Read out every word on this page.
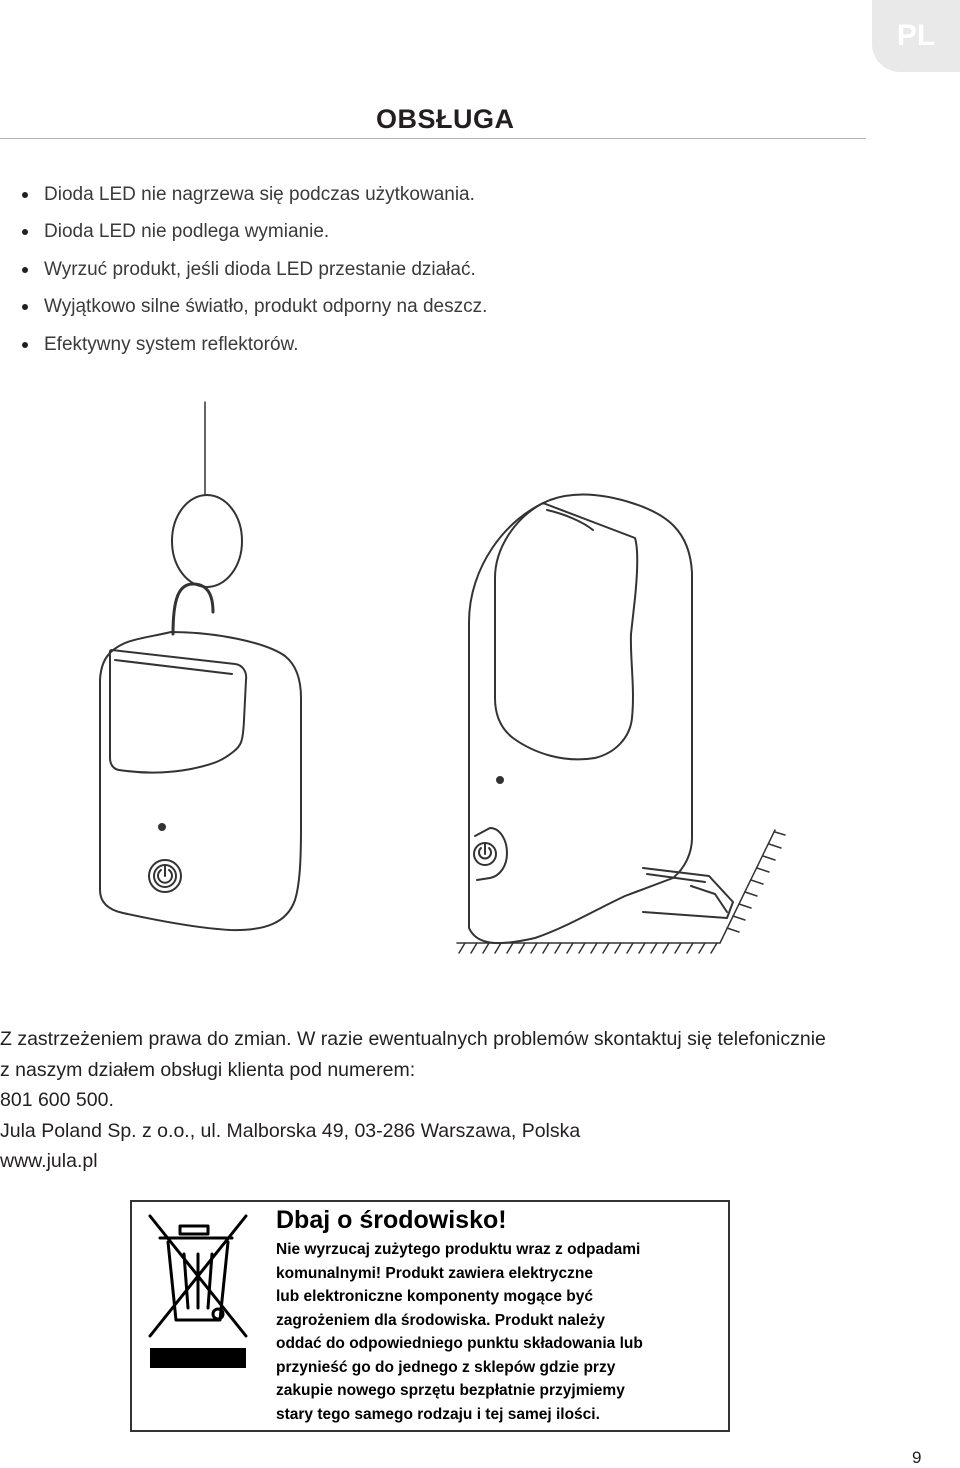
PL
OBSŁUGA
Dioda LED nie nagrzewa się podczas użytkowania.
Dioda LED nie podlega wymianie.
Wyrzuć produkt, jeśli dioda LED przestanie działać.
Wyjątkowo silne światło, produkt odporny na deszcz.
Efektywny system reflektorów.
Z zastrzeżeniem prawa do zmian. W razie ewentualnych problemów skontaktuj się telefonicznie
z naszym działem obsługi klienta pod numerem:
801 600 500.
Jula Poland Sp. z o.o., ul. Malborska 49, 03-286 Warszawa, Polska
www.jula.pl
Dbaj o środowisko!
Nie wyrzucaj zużytego produktu wraz z odpadami
komunalnymi! Produkt zawiera elektryczne
lub elektroniczne komponenty mogące być
zagrożeniem dla środowiska. Produkt należy
oddać do odpowiedniego punktu składowania lub
przynieść go do jednego z sklepów gdzie przy
zakupie nowego sprzętu bezpłatnie przyjmiemy
stary tego samego rodzaju i tej samej ilości.
9
